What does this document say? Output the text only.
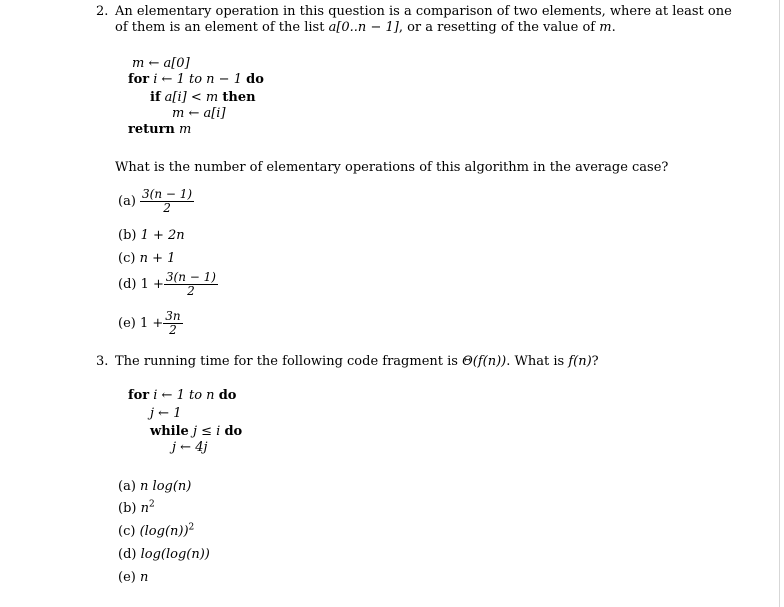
2. An elementary operation in this question is a comparison of two elements, where at least one
of them is an element of the list a[0..n − 1], or a resetting of the value of m.
m ← a[0]
for i ← 1 to n − 1 do
if a[i] < m then
m ← a[i]
return m
What is the number of elementary operations of this algorithm in the average case?
$(a) \frac{3(n - 1)}{2}$
(b) 1 + 2n
(c) n + 1
(d) $1 + \frac{3(n - 1)}{2}$
(e) $1 + \frac{3n}{2}$
3. The running time for the following code fragment is Θ(f(n)). What is f(n)?
for i ← 1 to n do
j ← 1
while j ≤ i do
j ← 4j
(a) n log(n)
(b) $n^2$
(c) $(\log(n))^2$
(d) log(log(n))
(e) n
